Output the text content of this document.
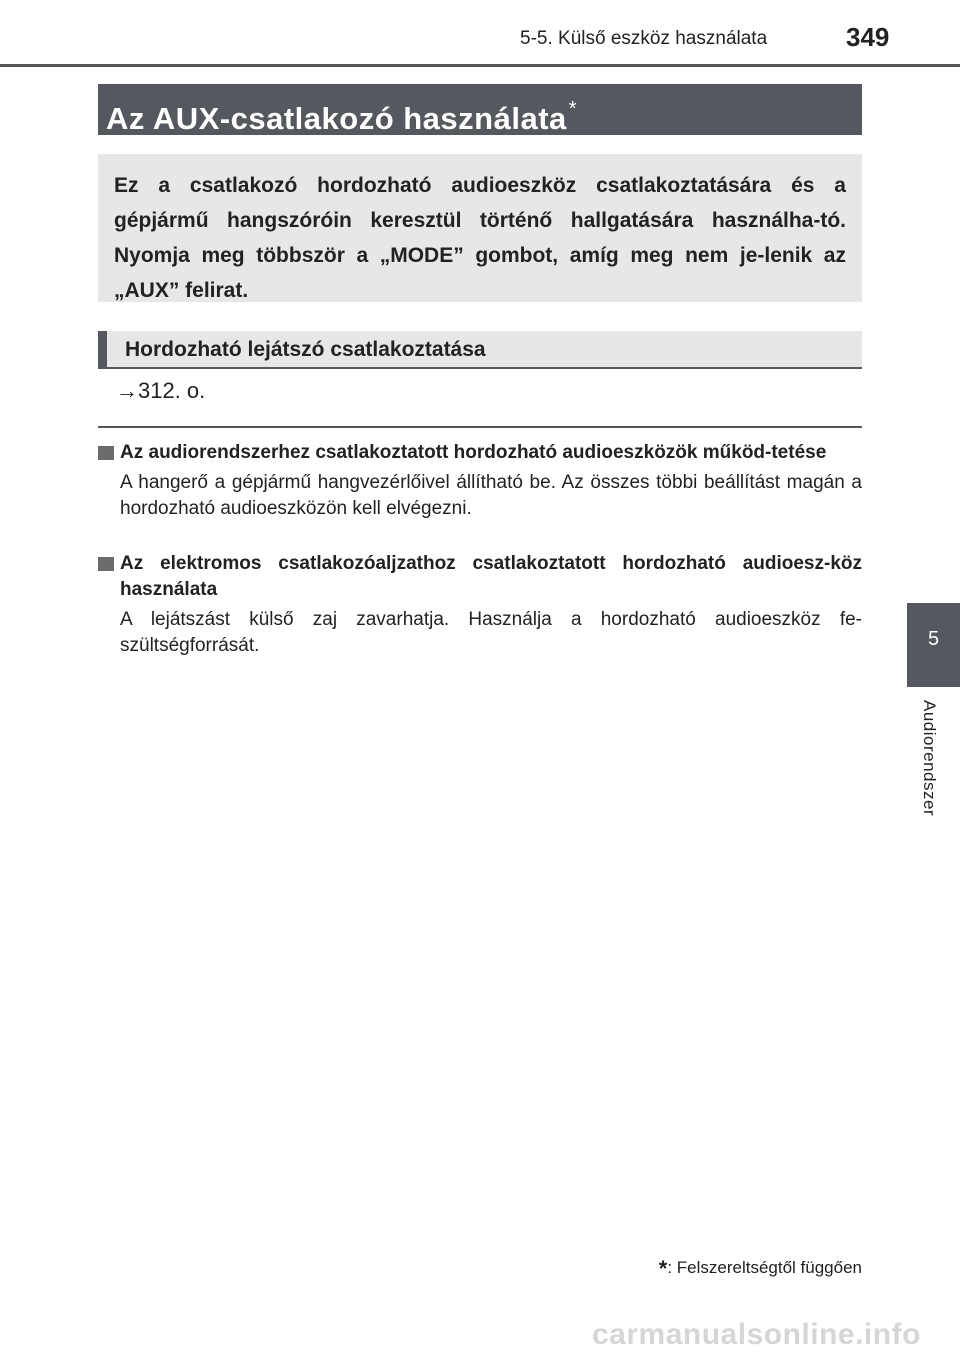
5-5. Külső eszköz használata	349
Az AUX-csatlakozó használata *
Ez a csatlakozó hordozható audioeszköz csatlakoztatására és a gépjármű hangszóróin keresztül történő hallgatására használha-tó. Nyomja meg többször a „MODE” gombot, amíg meg nem je-lenik az „AUX” felirat.
Hordozható lejátszó csatlakoztatása
→312. o.
Az audiorendszerhez csatlakoztatott hordozható audioeszközök működ-tetése
A hangerő a gépjármű hangvezérlőivel állítható be. Az összes többi beállítást magán a hordozható audioeszközön kell elvégezni.
Az elektromos csatlakozóaljzathoz csatlakoztatott hordozható audioesz-köz használata
A lejátszást külső zaj zavarhatja. Használja a hordozható audioeszköz fe-szültségforrását.	5
Audiorendszer
*: Felszereltségtől függően
carmanualsonline.info
